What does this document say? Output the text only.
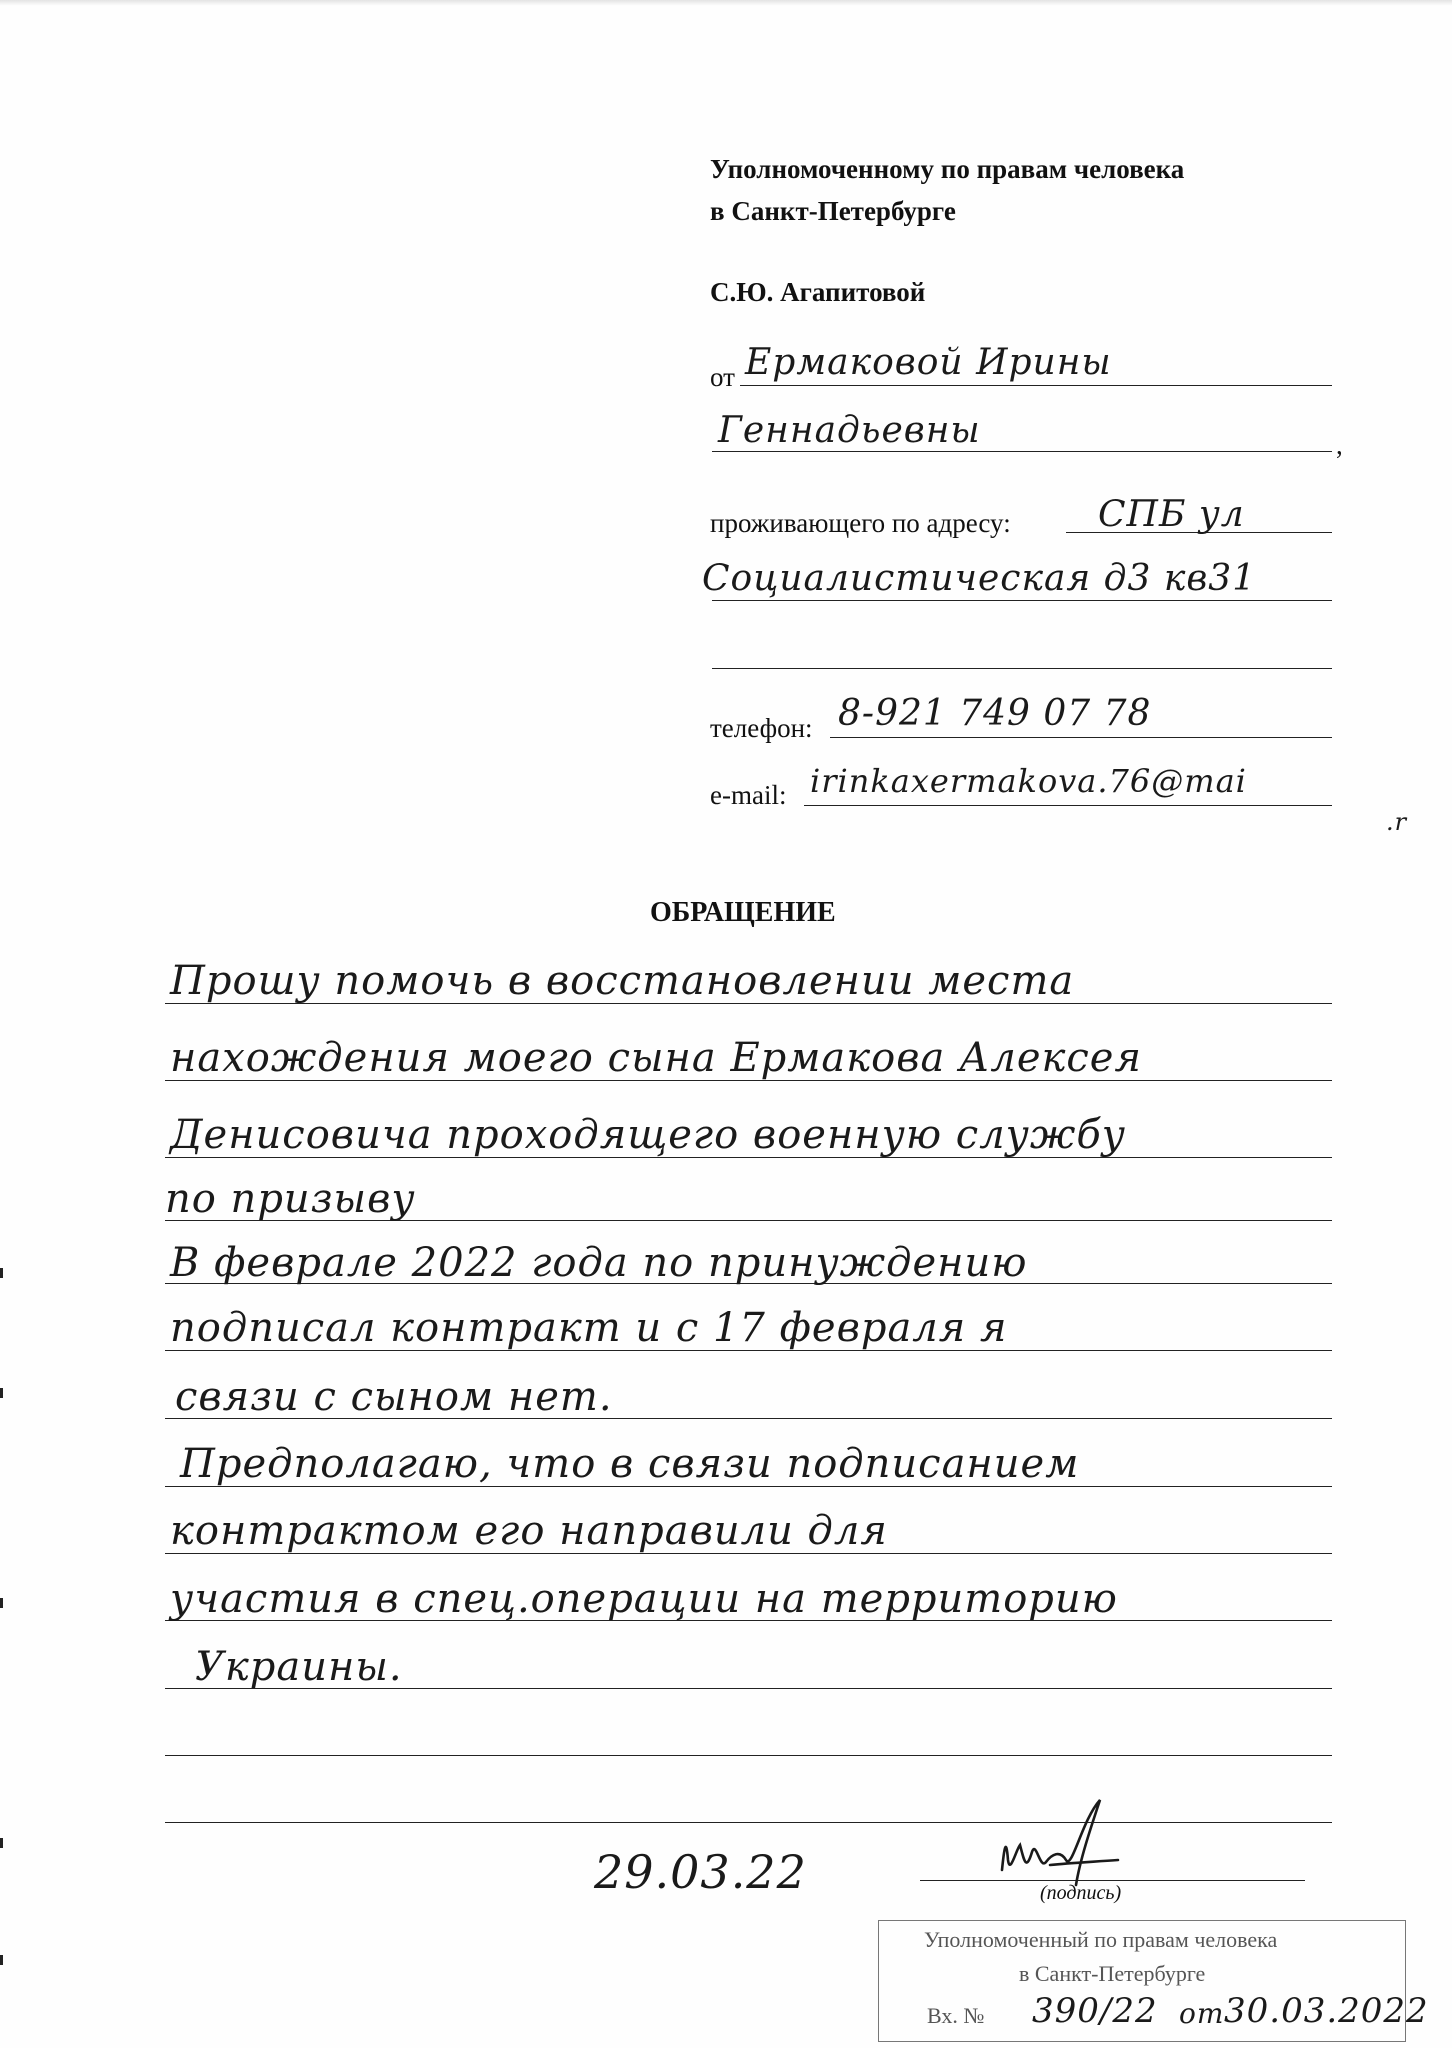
Уполномоченному по правам человека
в Санкт-Петербурге
С.Ю. Агапитовой
от Ермаковой Ирины
Геннадьевны	,
проживающего по адресу: СПБ ул
Социалистическая д3 кв31
телефон: 8-921 749 07 78
e-mail: irinkaxermakova.76@mai
.r
ОБРАЩЕНИЕ
Прошу помочь в восстановлении места
нахождения моего сына Ермакова Алексея
Денисовича проходящего военную службу
по призыву
В феврале 2022 года по принуждению
подписал контракт и с 17 февраля я
связи с сыном нет.
Предполагаю, что в связи подписанием
контрактом его направили для
участия в спец.операции на территорию
Украины.
29.03.22	(подпись)
Уполномоченный по правам человека
в Санкт-Петербурге
Вх. № 390/22 от 30.03.2022
